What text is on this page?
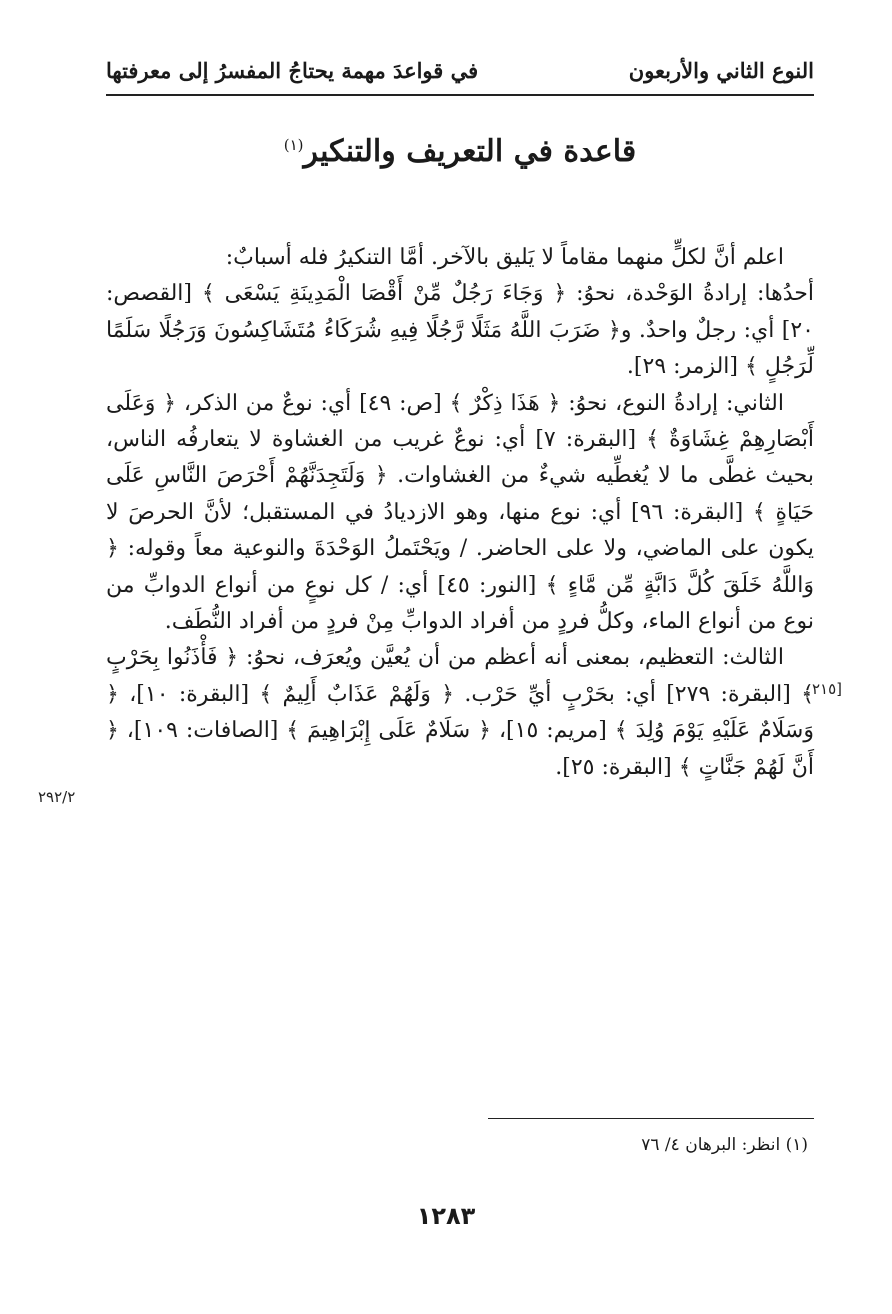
النوع الثاني والأربعون
في قواعدَ مهمة يحتاجُ المفسرُ إلى معرفتها
قاعدة في التعريف والتنكير$^{(١)}$

اعلم أنَّ لكلٍّ منهما مقاماً لا يَليق بالآخر. أمَّا التنكيرُ فله أسبابٌ:

أحدُها: إرادةُ الوَحْدة، نحوُ: ﴿ وَجَاءَ رَجُلٌ مِّنْ أَقْصَا الْمَدِينَةِ يَسْعَى ﴾ [القصص: ٢٠] أي: رجلٌ واحدٌ. و﴿ ضَرَبَ اللَّهُ مَثَلًا رَّجُلًا فِيهِ شُرَكَاءُ مُتَشَاكِسُونَ وَرَجُلًا سَلَمًا لِّرَجُلٍ ﴾ [الزمر: ٢٩].

الثاني: إرادةُ النوع، نحوُ: ﴿ هَذَا ذِكْرٌ ﴾ [ص: ٤٩] أي: نوعٌ من الذكر، ﴿ وَعَلَى أَبْصَارِهِمْ غِشَاوَةٌ ﴾ [البقرة: ٧] أي: نوعٌ غريب من الغشاوة لا يتعارفُه الناس، بحيث غطَّى ما لا يُغطِّيه شيءٌ من الغشاوات. ﴿ وَلَتَجِدَنَّهُمْ أَحْرَصَ النَّاسِ عَلَى حَيَاةٍ ﴾ [البقرة: ٩٦] أي: نوع منها، وهو الازديادُ في المستقبل؛ لأنَّ الحرصَ لا يكون على الماضي، ولا على الحاضر. / ويَحْتَملُ الوَحْدَةَ والنوعية معاً وقوله: ﴿ وَاللَّهُ خَلَقَ كُلَّ دَابَّةٍ مِّن مَّاءٍ ﴾ [النور: ٤٥] أي: / كل نوعٍ من أنواع الدوابِّ من نوع من أنواع الماء، وكلُّ فردٍ من أفراد الدوابِّ مِنْ فردٍ من أفراد النُّطَف.

الثالث: التعظيم، بمعنى أنه أعظم من أن يُعيَّن ويُعرَف، نحوُ: ﴿ فَأْذَنُوا بِحَرْبٍ ﴾ [البقرة: ٢٧٩] أي: بحَرْبٍ أيِّ حَرْب. ﴿ وَلَهُمْ عَذَابٌ أَلِيمٌ ﴾ [البقرة: ١٠]، ﴿ وَسَلَامٌ عَلَيْهِ يَوْمَ وُلِدَ ﴾ [مريم: ١٥]، ﴿ سَلَامٌ عَلَى إِبْرَاهِيمَ ﴾ [الصافات: ١٠٩]، ﴿ أَنَّ لَهُمْ جَنَّاتٍ ﴾ [البقرة: ٢٥].

[٢١٥
٢٩٢/٢
(١) انظر: البرهان ٤/ ٧٦
١٢٨٣
